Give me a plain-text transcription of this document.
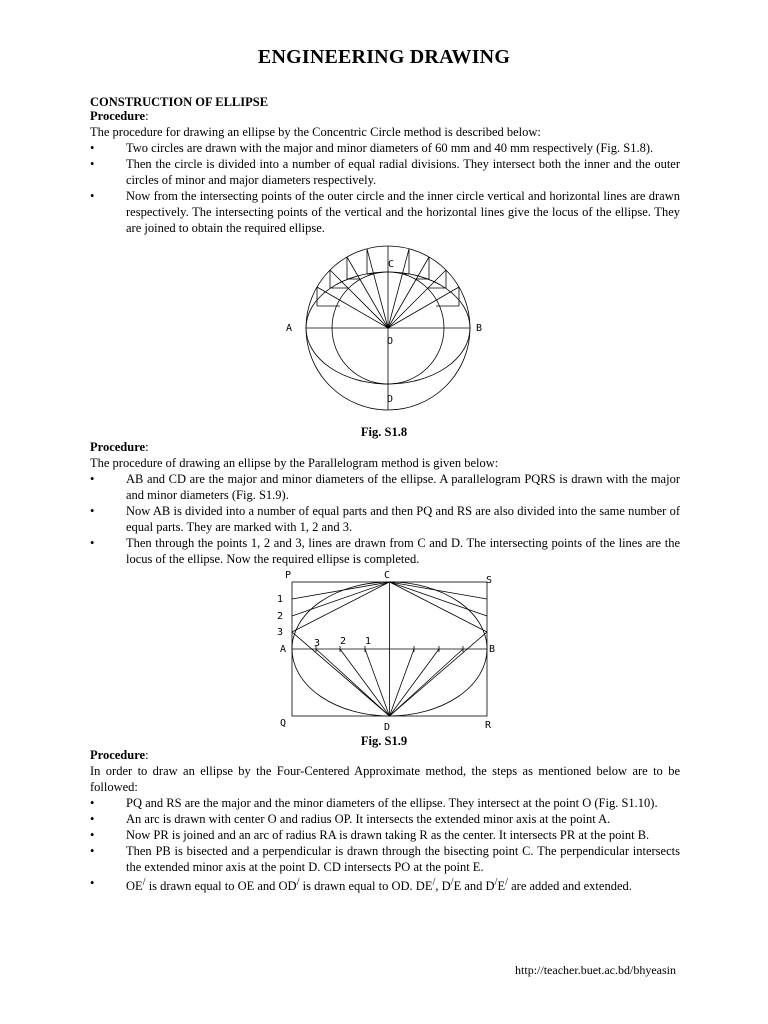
ENGINEERING DRAWING
CONSTRUCTION OF ELLIPSE
Procedure:
The procedure for drawing an ellipse by the Concentric Circle method is described below:
• Two circles are drawn with the major and minor diameters of 60 mm and 40 mm respectively (Fig. S1.8).
• Then the circle is divided into a number of equal radial divisions. They intersect both the inner and the outer circles of minor and major diameters respectively.
• Now from the intersecting points of the outer circle and the inner circle vertical and horizontal lines are drawn respectively. The intersecting points of the vertical and the horizontal lines give the locus of the ellipse. They are joined to obtain the required ellipse.
A	B
C
O
D
Fig. S1.8
Procedure:
The procedure of drawing an ellipse by the Parallelogram method is given below:
• AB and CD are the major and minor diameters of the ellipse. A parallelogram PQRS is drawn with the major and minor diameters (Fig. S1.9).
• Now AB is divided into a number of equal parts and then PQ and RS are also divided into the same number of equal parts. They are marked with 1, 2 and 3.
• Then through the points 1, 2 and 3, lines are drawn from C and D. The intersecting points of the lines are the locus of the ellipse. Now the required ellipse is completed.
P	C	S
1
2
3
A	B
3 2 1
Q	D	R
Fig. S1.9
Procedure:
In order to draw an ellipse by the Four-Centered Approximate method, the steps as mentioned below are to be followed:
• PQ and RS are the major and the minor diameters of the ellipse. They intersect at the point O (Fig. S1.10).
• An arc is drawn with center O and radius OP. It intersects the extended minor axis at the point A.
• Now PR is joined and an arc of radius RA is drawn taking R as the center. It intersects PR at the point B.
• Then PB is bisected and a perpendicular is drawn through the bisecting point C. The perpendicular intersects the extended minor axis at the point D. CD intersects PO at the point E.
• OE/ is drawn equal to OE and OD/ is drawn equal to OD. DE/, D/E and D/E/ are added and extended.
http://teacher.buet.ac.bd/bhyeasin
